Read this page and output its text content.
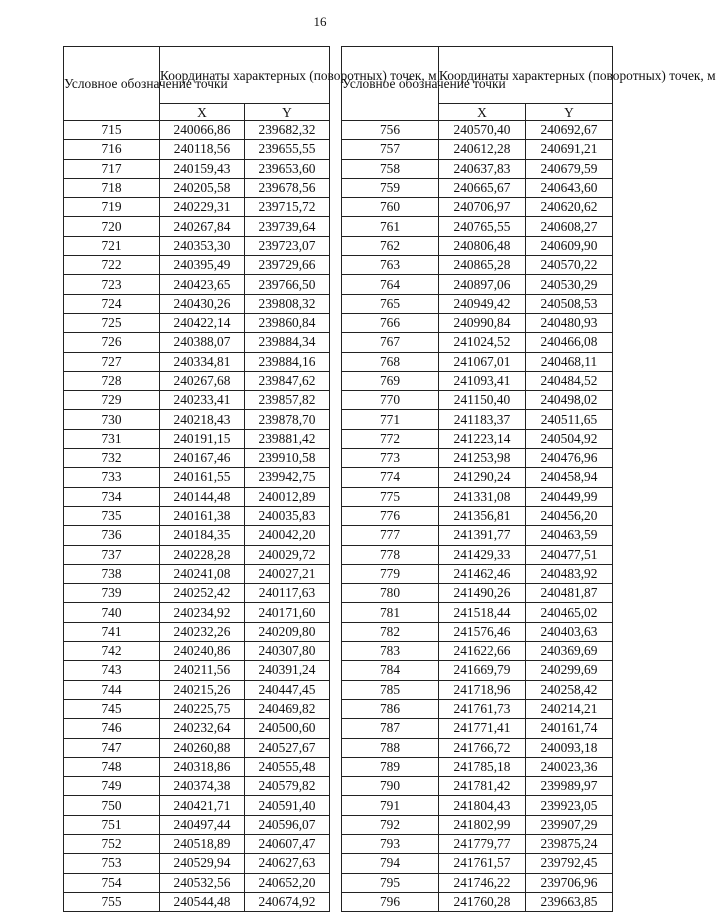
16
Условное обозначение точки	Координаты характерных (поворотных) точек, м	
	X	Y
715	240066,86	239682,32
716	240118,56	239655,55
717	240159,43	239653,60
718	240205,58	239678,56
719	240229,31	239715,72
720	240267,84	239739,64
721	240353,30	239723,07
722	240395,49	239729,66
723	240423,65	239766,50
724	240430,26	239808,32
725	240422,14	239860,84
726	240388,07	239884,34
727	240334,81	239884,16
728	240267,68	239847,62
729	240233,41	239857,82
730	240218,43	239878,70
731	240191,15	239881,42
732	240167,46	239910,58
733	240161,55	239942,75
734	240144,48	240012,89
735	240161,38	240035,83
736	240184,35	240042,20
737	240228,28	240029,72
738	240241,08	240027,21
739	240252,42	240117,63
740	240234,92	240171,60
741	240232,26	240209,80
742	240240,86	240307,80
743	240211,56	240391,24
744	240215,26	240447,45
745	240225,75	240469,82
746	240232,64	240500,60
747	240260,88	240527,67
748	240318,86	240555,48
749	240374,38	240579,82
750	240421,71	240591,40
751	240497,44	240596,07
752	240518,89	240607,47
753	240529,94	240627,63
754	240532,56	240652,20
755	240544,48	240674,92
Условное обозначение точки	Координаты характерных (поворотных) точек, м	
	X	Y
756	240570,40	240692,67
757	240612,28	240691,21
758	240637,83	240679,59
759	240665,67	240643,60
760	240706,97	240620,62
761	240765,55	240608,27
762	240806,48	240609,90
763	240865,28	240570,22
764	240897,06	240530,29
765	240949,42	240508,53
766	240990,84	240480,93
767	241024,52	240466,08
768	241067,01	240468,11
769	241093,41	240484,52
770	241150,40	240498,02
771	241183,37	240511,65
772	241223,14	240504,92
773	241253,98	240476,96
774	241290,24	240458,94
775	241331,08	240449,99
776	241356,81	240456,20
777	241391,77	240463,59
778	241429,33	240477,51
779	241462,46	240483,92
780	241490,26	240481,87
781	241518,44	240465,02
782	241576,46	240403,63
783	241622,66	240369,69
784	241669,79	240299,69
785	241718,96	240258,42
786	241761,73	240214,21
787	241771,41	240161,74
788	241766,72	240093,18
789	241785,18	240023,36
790	241781,42	239989,97
791	241804,43	239923,05
792	241802,99	239907,29
793	241779,77	239875,24
794	241761,57	239792,45
795	241746,22	239706,96
796	241760,28	239663,85
